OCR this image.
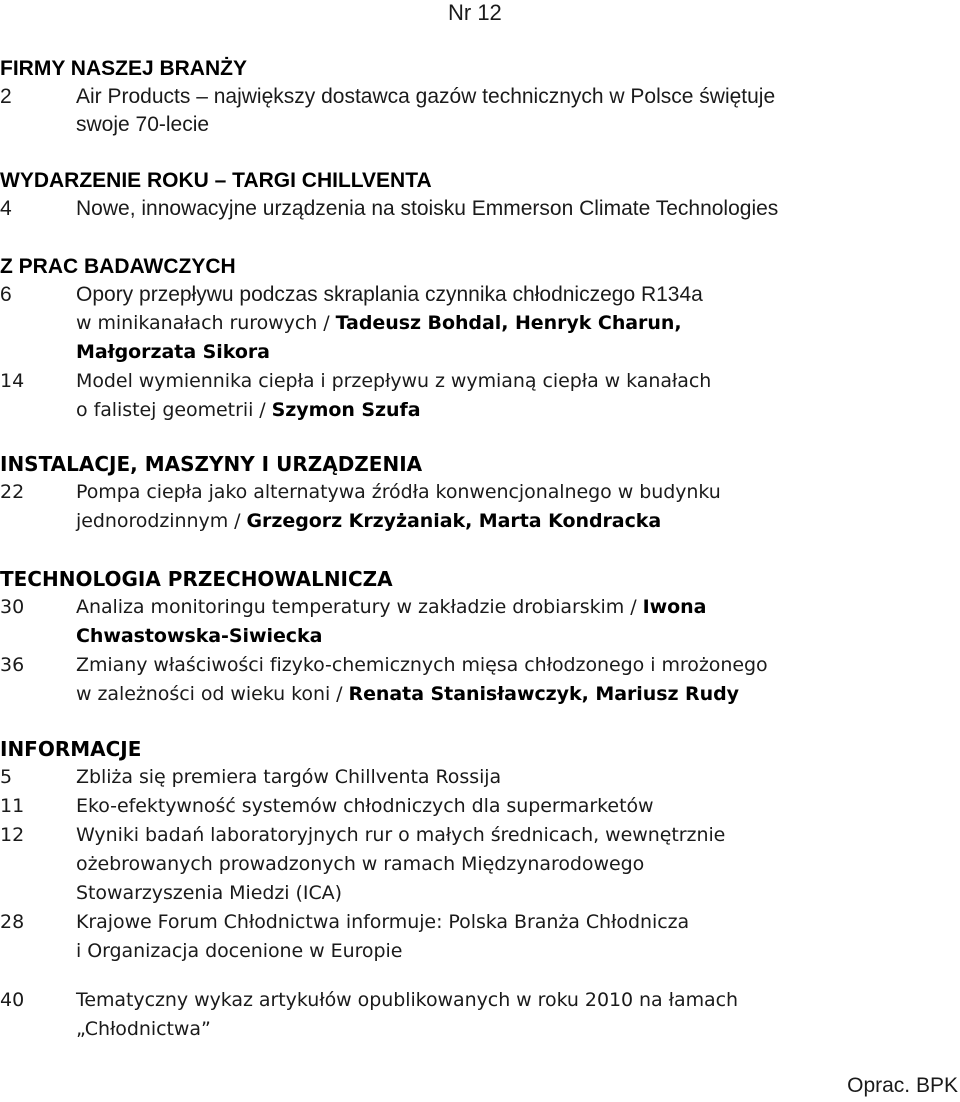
Nr 12
FIRMY NASZEJ BRANŻY
2	Air Products – największy dostawca gazów technicznych w Polsce świętuje
swoje 70-lecie
WYDARZENIE ROKU – TARGI CHILLVENTA
4	Nowe, innowacyjne urządzenia na stoisku Emmerson Climate Technologies
Z PRAC BADAWCZYCH
6	Opory przepływu podczas skraplania czynnika chłodniczego R134a
w minikanałach rurowych / Tadeusz Bohdal, Henryk Charun,
Małgorzata Sikora
14	Model wymiennika ciepła i przepływu z wymianą ciepła w kanałach
o falistej geometrii / Szymon Szufa
INSTALACJE, MASZYNY I URZĄDZENIA
22	Pompa ciepła jako alternatywa źródła konwencjonalnego w budynku
jednorodzinnym / Grzegorz Krzyżaniak, Marta Kondracka
TECHNOLOGIA PRZECHOWALNICZA
30	Analiza monitoringu temperatury w zakładzie drobiarskim / Iwona
Chwastowska-Siwiecka
36	Zmiany właściwości fizyko-chemicznych mięsa chłodzonego i mrożonego
w zależności od wieku koni / Renata Stanisławczyk, Mariusz Rudy
INFORMACJE
5	Zbliża się premiera targów Chillventa Rossija
11	Eko-efektywność systemów chłodniczych dla supermarketów
12	Wyniki badań laboratoryjnych rur o małych średnicach, wewnętrznie
ożebrowanych prowadzonych w ramach Międzynarodowego
Stowarzyszenia Miedzi (ICA)
28	Krajowe Forum Chłodnictwa informuje: Polska Branża Chłodnicza
i Organizacja docenione w Europie
40	Tematyczny wykaz artykułów opublikowanych w roku 2010 na łamach
„Chłodnictwa”
Oprac. BPK
